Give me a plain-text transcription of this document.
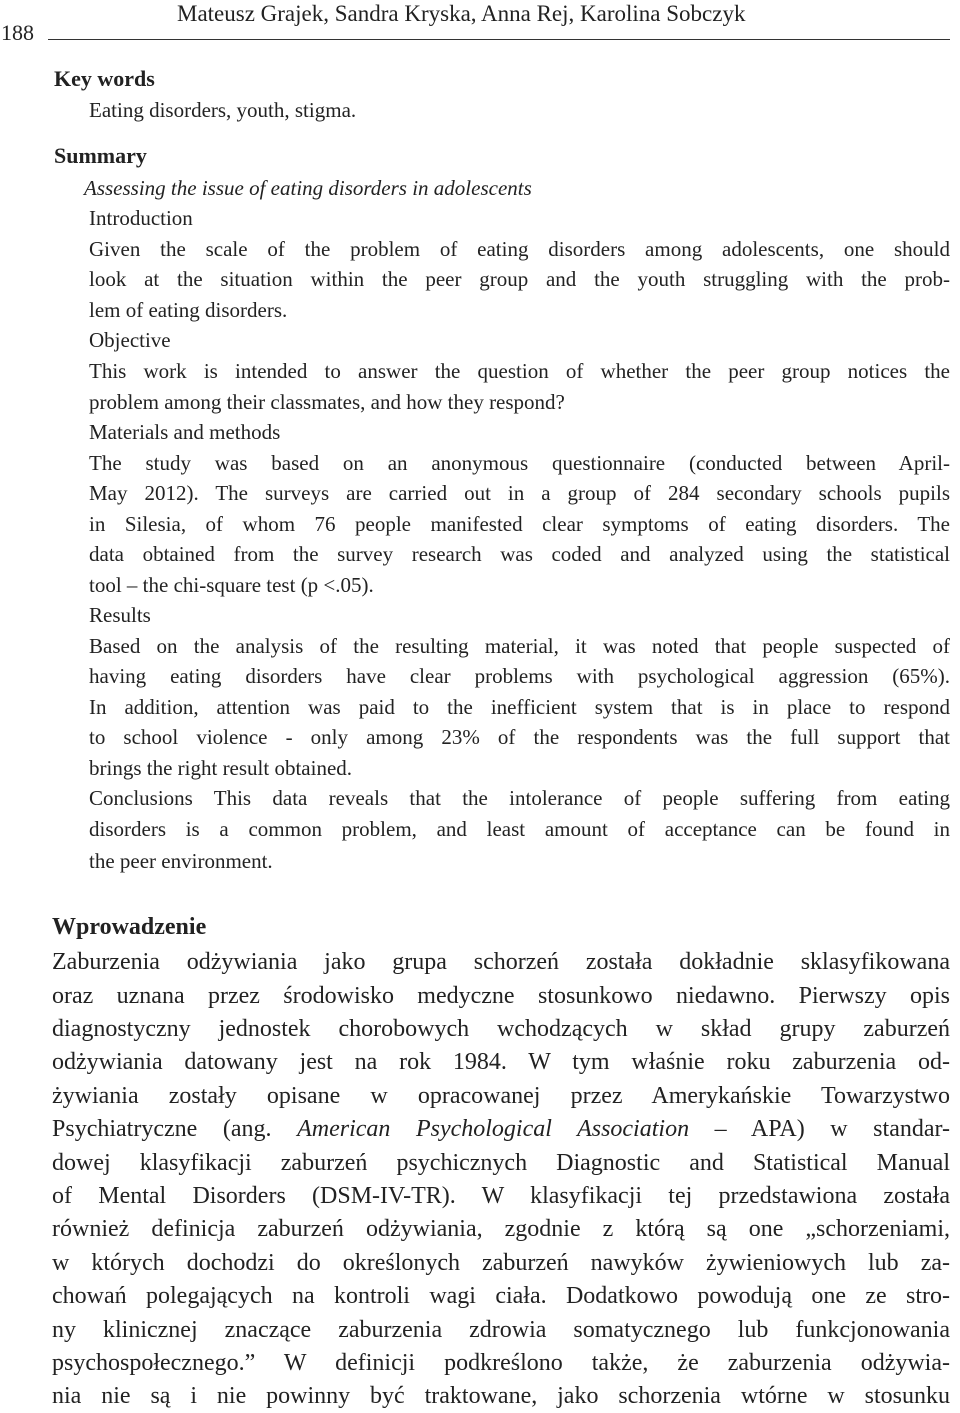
188
Mateusz Grajek, Sandra Kryska, Anna Rej, Karolina Sobczyk
Key words
Eating disorders, youth, stigma.
Summary
Assessing the issue of eating disorders in adolescents
Introduction
Given the scale of the problem of eating disorders among adolescents, one should
look at the situation within the peer group and the youth struggling with the prob-
lem of eating disorders.
Objective
This work is intended to answer the question of whether the peer group notices the
problem among their classmates, and how they respond?
Materials and methods
The study was based on an anonymous questionnaire (conducted between April-
May 2012). The surveys are carried out in a group of 284 secondary schools pupils
in Silesia, of whom 76 people manifested clear symptoms of eating disorders. The
data obtained from the survey research was coded and analyzed using the statistical
tool – the chi-square test (p <.05).
Results
Based on the analysis of the resulting material, it was noted that people suspected of
having eating disorders have clear problems with psychological aggression (65%).
In addition, attention was paid to the inefficient system that is in place to respond
to school violence - only among 23% of the respondents was the full support that
brings the right result obtained.
Conclusions This data reveals that the intolerance of people suffering from eating
disorders is a common problem, and least amount of acceptance can be found in
the peer environment.
Wprowadzenie
Zaburzenia odżywiania jako grupa schorzeń została dokładnie sklasyfikowana
oraz uznana przez środowisko medyczne stosunkowo niedawno. Pierwszy opis
diagnostyczny jednostek chorobowych wchodzących w skład grupy zaburzeń
odżywiania datowany jest na rok 1984. W tym właśnie roku zaburzenia od-
żywiania zostały opisane w opracowanej przez Amerykańskie Towarzystwo
Psychiatryczne (ang. American Psychological Association – APA) w standar-
dowej klasyfikacji zaburzeń psychicznych Diagnostic and Statistical Manual
of Mental Disorders (DSM-IV-TR). W klasyfikacji tej przedstawiona została
również definicja zaburzeń odżywiania, zgodnie z którą są one „schorzeniami,
w których dochodzi do określonych zaburzeń nawyków żywieniowych lub za-
chowań polegających na kontroli wagi ciała. Dodatkowo powodują one ze stro-
ny klinicznej znaczące zaburzenia zdrowia somatycznego lub funkcjonowania
psychospołecznego.” W definicji podkreślono także, że zaburzenia odżywia-
nia nie są i nie powinny być traktowane, jako schorzenia wtórne w stosunku
